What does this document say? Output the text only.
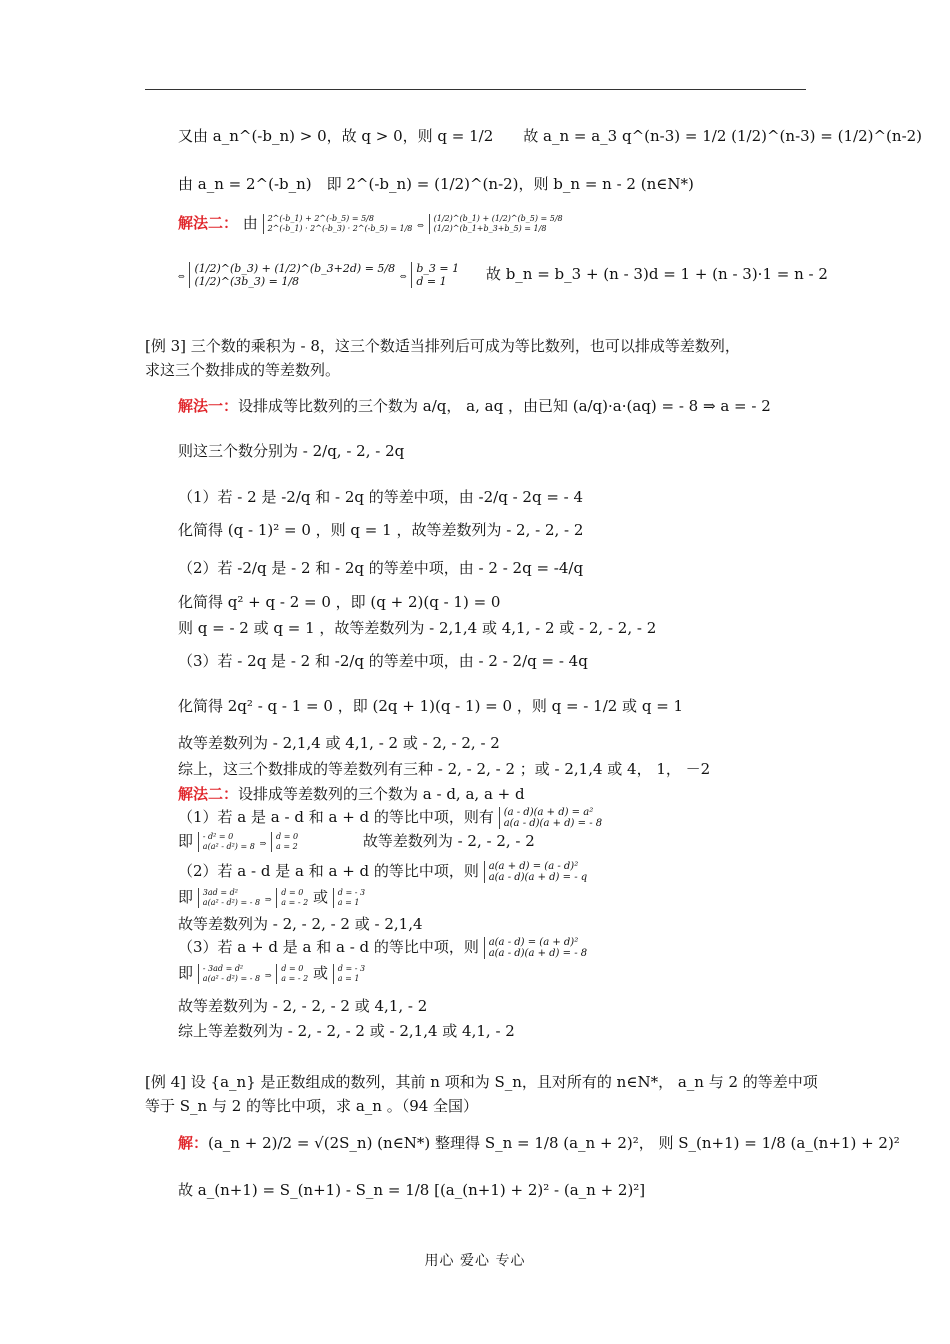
又由 a_n^(-b_n) > 0，故 q > 0，则 q = 1/2　　故 a_n = a_3 q^(n-3) = 1/2 (1/2)^(n-3) = (1/2)^(n-2)
由 a_n = 2^(-b_n)　即 2^(-b_n) = (1/2)^(n-2)，则 b_n = n - 2 (n∈N*)
解法二： 由 2^(-b_1) + 2^(-b_5) = 5/8
2^(-b_1) · 2^(-b_3) · 2^(-b_5) = 1/8 ⇔
(1/2)^(b_1) + (1/2)^(b_5) = 5/8
(1/2)^(b_1+b_3+b_5) = 1/8
⇔
(1/2)^(b_3) + (1/2)^(b_3+2d) = 5/8
(1/2)^(3b_3) = 1/8	⇔
b_3 = 1
d = 1	故 b_n = b_3 + (n - 3)d = 1 + (n - 3)·1 = n - 2
[例 3] 三个数的乘积为 - 8，这三个数适当排列后可成为等比数列，也可以排成等差数列，
求这三个数排成的等差数列。
解法一：设排成等比数列的三个数为 a/q， a, aq ，由已知 (a/q)·a·(aq) = - 8 ⇒ a = - 2
则这三个数分别为 - 2/q, - 2, - 2q
（1）若 - 2 是 -2/q 和 - 2q 的等差中项，由 -2/q - 2q = - 4
化简得 (q - 1)² = 0 ，则 q = 1 ，故等差数列为 - 2, - 2, - 2
（2）若 -2/q 是 - 2 和 - 2q 的等差中项，由 - 2 - 2q = -4/q
化简得 q² + q - 2 = 0 ，即 (q + 2)(q - 1) = 0
则 q = - 2 或 q = 1 ，故等差数列为 - 2,1,4 或 4,1, - 2 或 - 2, - 2, - 2
（3）若 - 2q 是 - 2 和 -2/q 的等差中项，由 - 2 - 2/q = - 4q
化简得 2q² - q - 1 = 0 ，即 (2q + 1)(q - 1) = 0 ，则 q = - 1/2 或 q = 1
故等差数列为 - 2,1,4 或 4,1, - 2 或 - 2, - 2, - 2
综上，这三个数排成的等差数列有三种 - 2, - 2, - 2 ；或 - 2,1,4 或 4， 1， －2
解法二：设排成等差数列的三个数为 a - d, a, a + d
（1）若 a 是 a - d 和 a + d 的等比中项，则有 (a - d)(a + d) = a²
a(a - d)(a + d) = - 8
即 - d² = 0
a(a² - d²) = 8 ⇒
d = 0
a = 2	故等差数列为 - 2, - 2, - 2
（2）若 a - d 是 a 和 a + d 的等比中项，则 a(a + d) = (a - d)²
a(a - d)(a + d) = - q
即 3ad = d²
a(a² - d²) = - 8 ⇒
d = 0
a = - 2 或 d = - 3
a = 1
故等差数列为 - 2, - 2, - 2 或 - 2,1,4
（3）若 a + d 是 a 和 a - d 的等比中项，则 a(a - d) = (a + d)²
a(a - d)(a + d) = - 8
即 - 3ad = d²
a(a² - d²) = - 8 ⇒
d = 0
a = - 2 或 d = - 3
a = 1
故等差数列为 - 2, - 2, - 2 或 4,1, - 2
综上等差数列为 - 2, - 2, - 2 或 - 2,1,4 或 4,1, - 2
[例 4] 设 {a_n} 是正数组成的数列，其前 n 项和为 S_n，且对所有的 n∈N*， a_n 与 2 的等差中项
等于 S_n 与 2 的等比中项，求 a_n 。（94 全国）
解：(a_n + 2)/2 = √(2S_n) (n∈N*) 整理得 S_n = 1/8 (a_n + 2)²， 则 S_(n+1) = 1/8 (a_(n+1) + 2)²
故 a_(n+1) = S_(n+1) - S_n = 1/8 [(a_(n+1) + 2)² - (a_n + 2)²]
用心 爱心 专心
